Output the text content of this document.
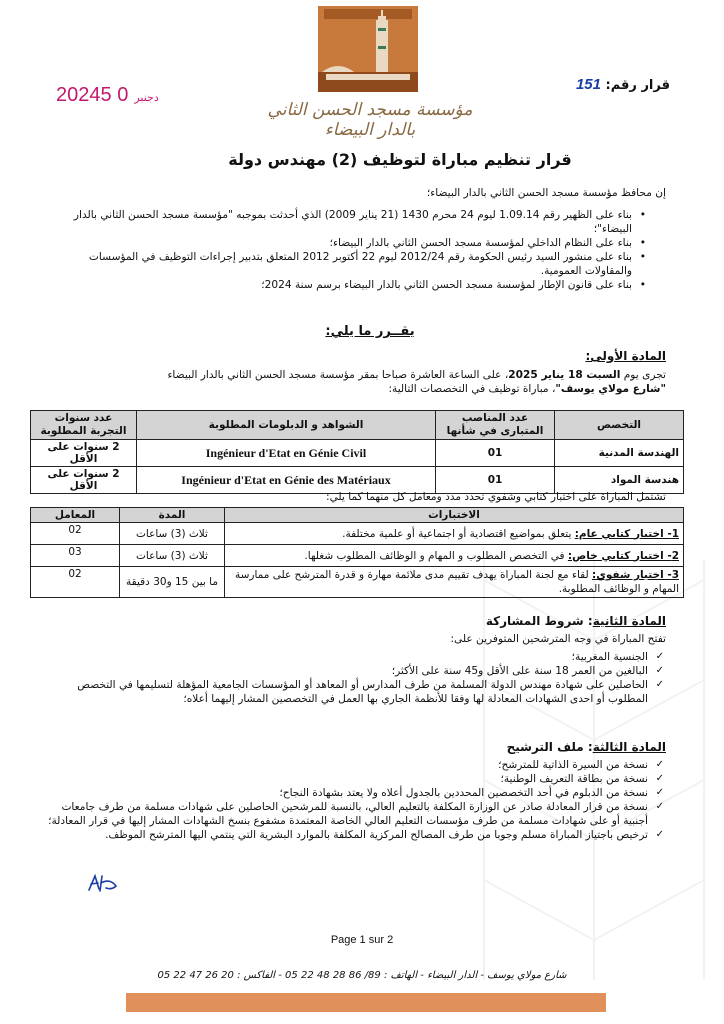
مؤسسة مسجد الحسن الثاني
بالدار البيضاء
2024	دجنبر0 5	قرار رقم: 151
قرار تنظيم مباراة لتوظيف (2) مهندس دولة
إن محافظ مؤسسة مسجد الحسن الثاني بالدار البيضاء؛
• بناء على الظهير رقم 1.09.14 ليوم 24 محرم 1430 (21 يناير 2009) الذي أحدثت بموجبه "مؤسسة مسجد الحسن الثاني بالدار البيضاء"؛
• بناء على النظام الداخلي لمؤسسة مسجد الحسن الثاني بالدار البيضاء؛
• بناء على منشور السيد رئيس الحكومة رقم 2012/24 ليوم 22 أكتوبر 2012 المتعلق بتدبير إجراءات التوظيف في المؤسسات والمقاولات العمومية.
• بناء على قانون الإطار لمؤسسة مسجد الحسن الثاني بالدار البيضاء برسم سنة 2024؛
يقــرر ما يلي:
المادة الأولى:
تجرى يوم السبت 18 يناير 2025، على الساعة العاشرة صباحا بمقر مؤسسة مسجد الحسن الثاني بالدار البيضاء
"شارع مولاي يوسف"، مباراة توظيف في التخصصات التالية:
التخصص	عدد المناصب المتبارى في شأنها	الشواهد و الدبلومات المطلوبة	عدد سنوات التجربة المطلوبة
الهندسة المدنية	01	Ingénieur d'Etat en Génie Civil	2 سنوات على الأقل
هندسة المواد	01	Ingénieur d'Etat en Génie des Matériaux	2 سنوات على الأقل
تشتمل المباراة على اختبار كتابي وشفوي تحدد مدد ومعامل كل منهما كما يلي:
الاختبارات	المدة	المعامل
1- اختبار كتابي عام: يتعلق بمواضيع اقتصادية أو اجتماعية أو علمية مختلفة.	ثلاث (3) ساعات	02
2- اختبار كتابي خاص: في التخصص المطلوب و المهام و الوظائف المطلوب شغلها.	ثلاث (3) ساعات	03
3- اختبار شفوي: لقاء مع لجنة المباراة يهدف تقييم مدى ملائمة مهارة و قدرة المترشح على ممارسة المهام و الوظائف المطلوبة.	ما بين 15 و30 دقيقة	02
المادة الثانية: شروط المشاركة
تفتح المباراة في وجه المترشحين المتوفرين على:
✓ الجنسية المغربية؛
✓ البالغين من العمر 18 سنة على الأقل و45 سنة على الأكثر؛
✓ الحاصلين على شهادة مهندس الدولة المسلمة من طرف المدارس أو المعاهد أو المؤسسات الجامعية المؤهلة لتسليمها في التخصص المطلوب أو احدى الشهادات المعادلة لها وفقا للأنظمة الجاري بها العمل في التخصصين المشار إليهما أعلاه؛
المادة الثالثة: ملف الترشيح
✓ نسخة من السيرة الذاتية للمترشح؛
✓ نسخة من بطاقة التعريف الوطنية؛
✓ نسخة من الدبلوم في أحد التخصصين المحددين بالجدول أعلاه ولا يعتد بشهادة النجاح؛
✓ نسخة من قرار المعادلة صادر عن الوزارة المكلفة بالتعليم العالي، بالنسبة للمرشحين الحاصلين على شهادات مسلمة من طرف جامعات أجنبية أو على شهادات مسلمة من طرف مؤسسات التعليم العالي الخاصة المعتمدة مشفوع بنسخ الشهادات المشار إليها في قرار المعادلة؛
✓ ترخيص باجتياز المباراة مسلم وجوبا من طرف المصالح المركزية المكلفة بالموارد البشرية التي ينتمي اليها المترشح الموظف.
Page 1 sur 2
شارع مولاي يوسف - الدار البيضاء - الهاتف : 89/ 86 28 48 22 05 - الفاكس : 20 26 47 22 05
